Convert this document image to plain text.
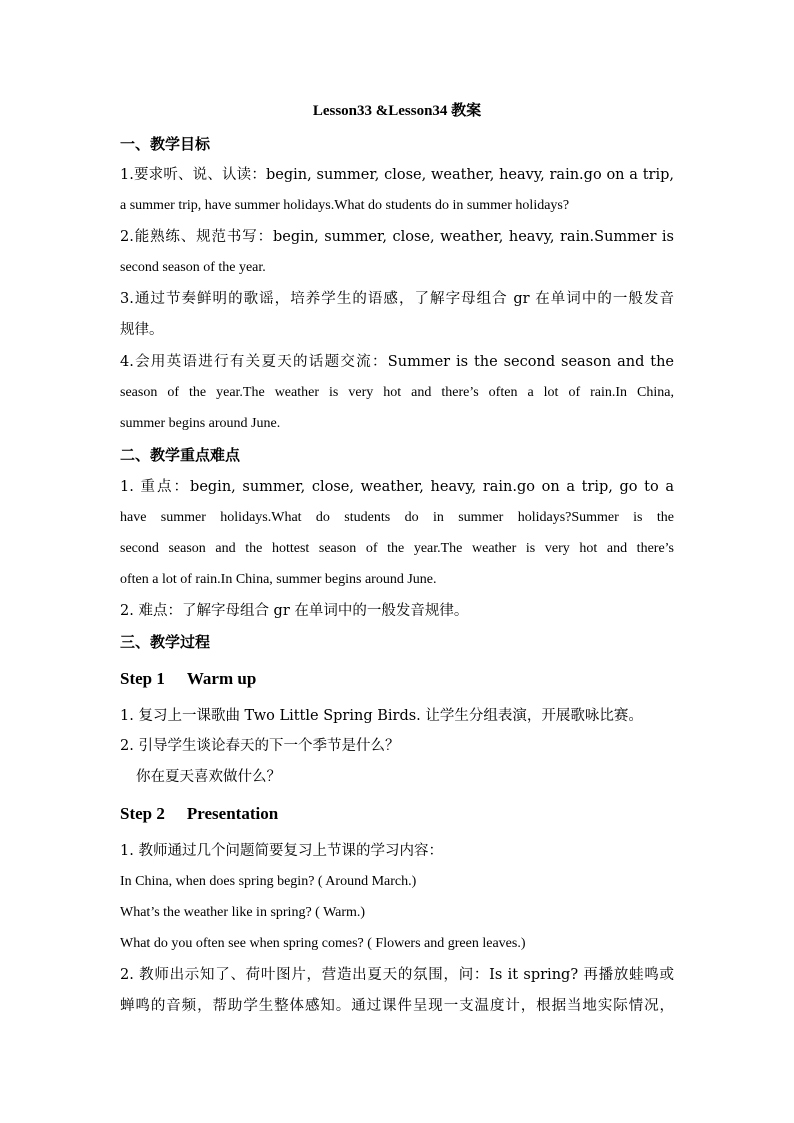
Lesson33 &Lesson34 教案
一、教学目标
1.要求听、说、认读：begin, summer, close, weather, heavy, rain.go on a trip,
a summer trip, have summer holidays.What do students do in summer holidays?
2.能熟练、规范书写：begin, summer, close, weather, heavy, rain.Summer is
second season of the year.
3.通过节奏鲜明的歌谣，培养学生的语感，了解字母组合 gr 在单词中的一般发音
规律。
4.会用英语进行有关夏天的话题交流：Summer is the second season and the
season of the year.The weather is very hot and there’s often a lot of rain.In China,
summer begins around June.
二、教学重点难点
1. 重点：begin, summer, close, weather, heavy, rain.go on a trip, go to a
have summer holidays.What do students do in summer holidays?Summer is the
second season and the hottest season of the year.The weather is very hot and there’s
often a lot of rain.In China, summer begins around June.
2. 难点：了解字母组合 gr 在单词中的一般发音规律。
三、教学过程
Step 1 Warm up
1. 复习上一课歌曲 Two Little Spring Birds. 让学生分组表演，开展歌咏比赛。
2. 引导学生谈论春天的下一个季节是什么？
你在夏天喜欢做什么？
Step 2 Presentation
1. 教师通过几个问题简要复习上节课的学习内容：
In China, when does spring begin? ( Around March.)
What’s the weather like in spring? ( Warm.)
What do you often see when spring comes? ( Flowers and green leaves.)
2. 教师出示知了、荷叶图片，营造出夏天的氛围，问：Is it spring? 再播放蛙鸣或
蝉鸣的音频，帮助学生整体感知。通过课件呈现一支温度计，根据当地实际情况，
